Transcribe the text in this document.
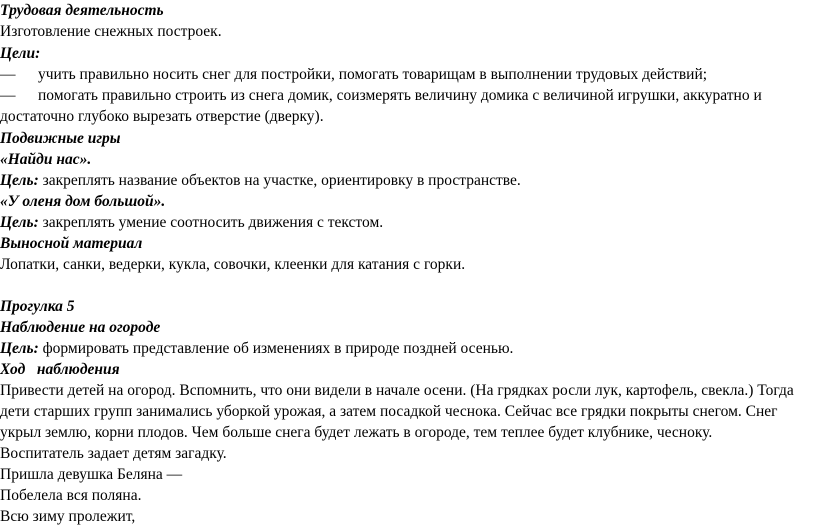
Трудовая деятельность
Изготовление снежных построек.
Цели:
— учить правильно носить снег для постройки, помогать товарищам в выполнении трудовых действий;
— помогать правильно строить из снега домик, соизмерять величину домика с величиной игрушки, аккуратно и
достаточно глубоко вырезать отверстие (дверку).
Подвижные игры
«Найди нас».
Цель: закреплять название объектов на участке, ориентировку в пространстве.
«У оленя дом большой».
Цель: закреплять умение соотносить движения с текстом.
Выносной материал
Лопатки, санки, ведерки, кукла, совочки, клеенки для катания с горки.
Прогулка 5
Наблюдение на огороде
Цель: формировать представление об изменениях в природе поздней осенью.
Ход   наблюдения
Привести детей на огород. Вспомнить, что они видели в начале осени. (На грядках росли лук, картофель, свекла.) Тогда
дети старших групп занимались уборкой урожая, а затем посадкой чеснока. Сейчас все грядки покрыты снегом. Снег
укрыл землю, корни плодов. Чем больше снега будет лежать в огороде, тем теплее будет клубнике, чесноку.
Воспитатель задает детям загадку.
Пришла девушка Беляна —
Побелела вся поляна.
Всю зиму пролежит,
